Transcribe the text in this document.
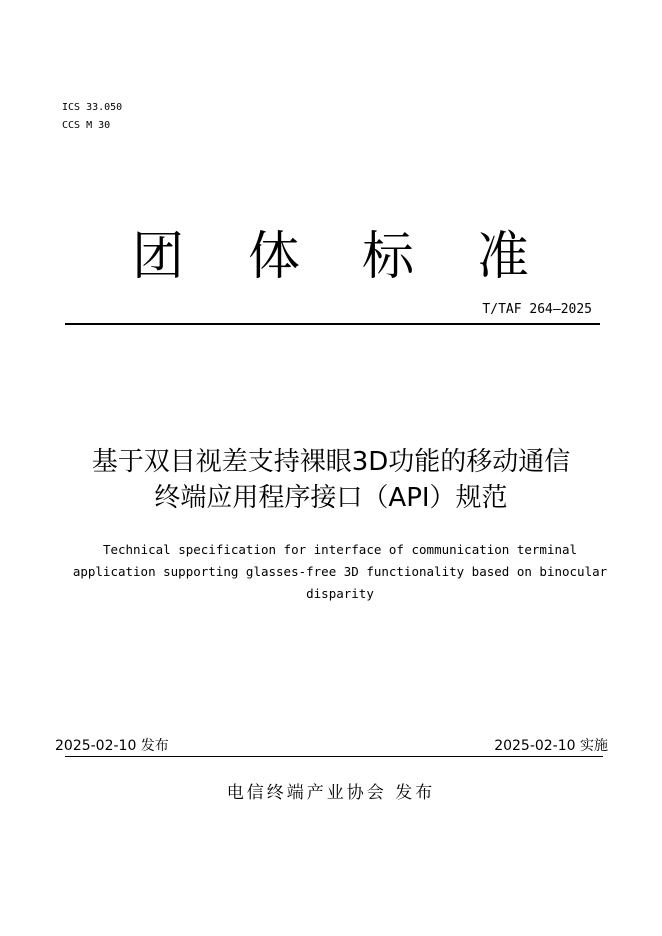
ICS 33.050
CCS M 30
团 体 标 准
T/TAF 264—2025
基于双目视差支持裸眼3D功能的移动通信
终端应用程序接口（API）规范
Technical specification for interface of communication terminal
application supporting glasses-free 3D functionality based on binocular
disparity
2025-02-10 发布	2025-02-10 实施
电信终端产业协会 发布
